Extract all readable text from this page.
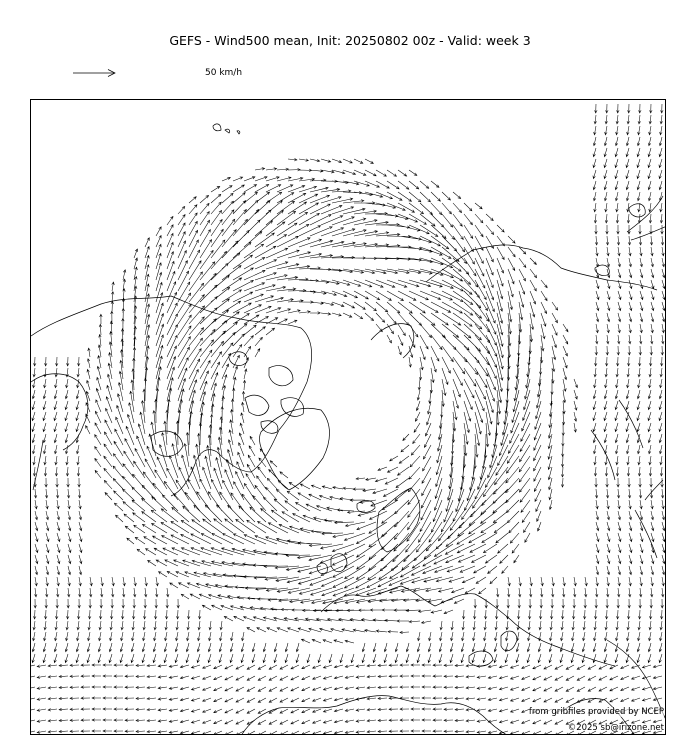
GEFS - Wind500 mean, Init: 20250802 00z - Valid: week 3
50 km/h
from gribfiles provided by NCEP
©2025 sb@irizone.net
